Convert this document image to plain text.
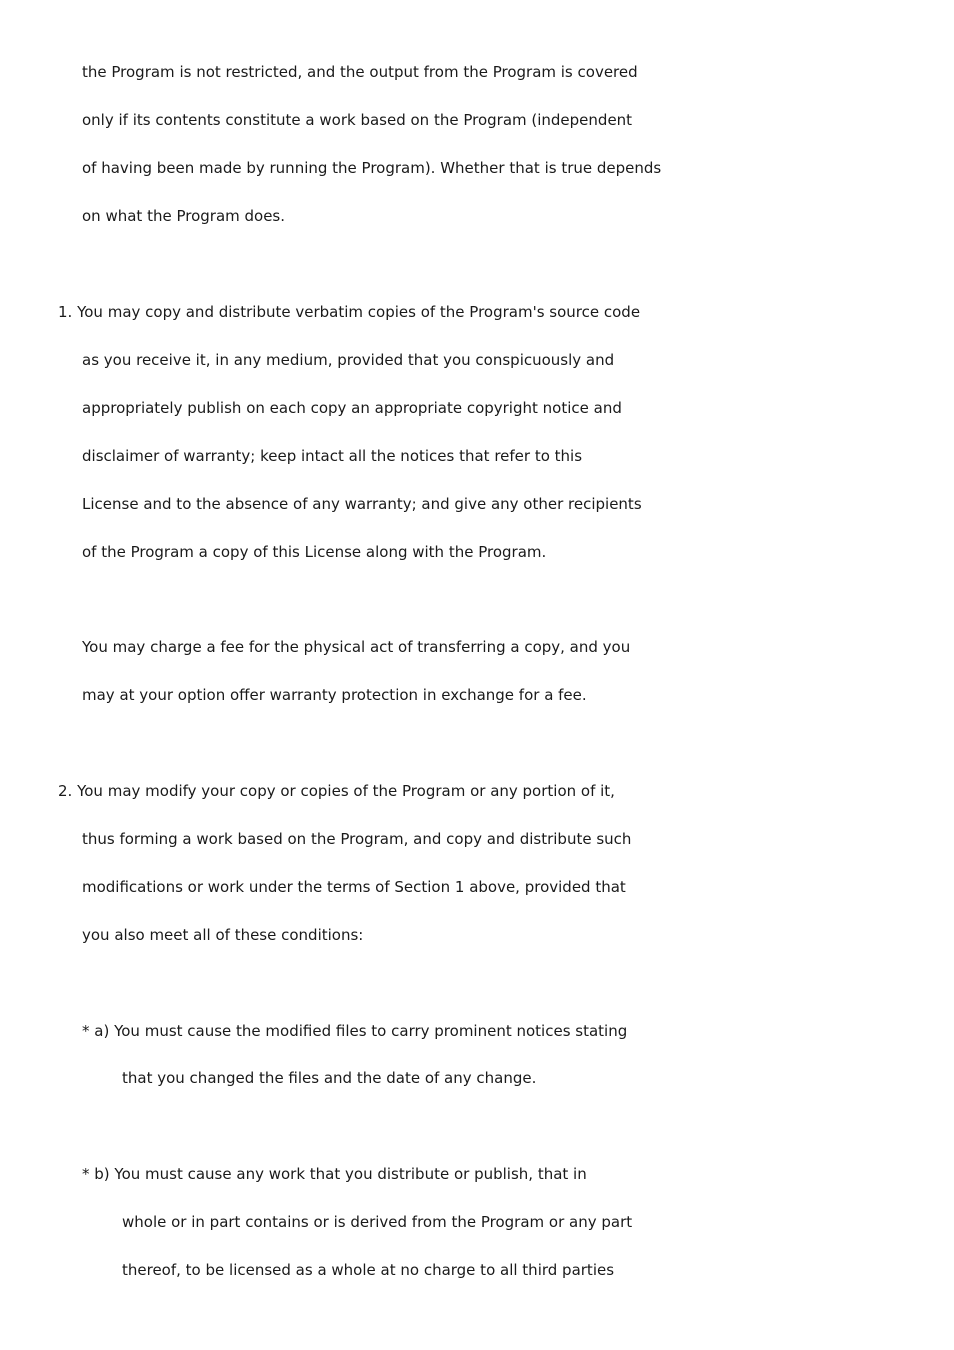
the Program is not restricted, and the output from the Program is covered
only if its contents constitute a work based on the Program (independent
of having been made by running the Program). Whether that is true depends
on what the Program does.
1. You may copy and distribute verbatim copies of the Program's source code
as you receive it, in any medium, provided that you conspicuously and
appropriately publish on each copy an appropriate copyright notice and
disclaimer of warranty; keep intact all the notices that refer to this
License and to the absence of any warranty; and give any other recipients
of the Program a copy of this License along with the Program.
You may charge a fee for the physical act of transferring a copy, and you
may at your option offer warranty protection in exchange for a fee.
2. You may modify your copy or copies of the Program or any portion of it,
thus forming a work based on the Program, and copy and distribute such
modifications or work under the terms of Section 1 above, provided that
you also meet all of these conditions:
* a) You must cause the modified files to carry prominent notices stating
that you changed the files and the date of any change.
* b) You must cause any work that you distribute or publish, that in
whole or in part contains or is derived from the Program or any part
thereof, to be licensed as a whole at no charge to all third parties
